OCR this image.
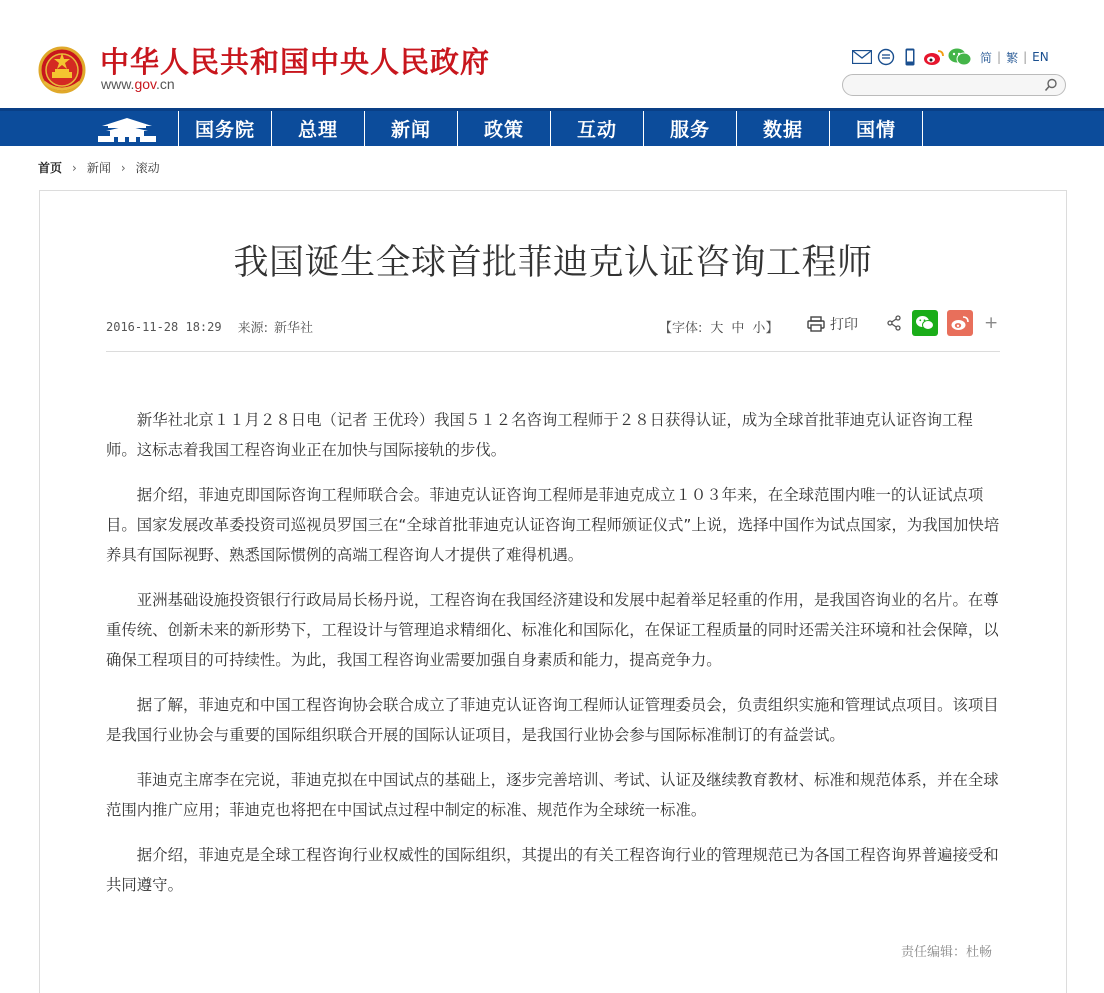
中华人民共和国中央人民政府
www.gov.cn
简 | 繁 | EN
国务院	总理	新闻	政策	互动	服务	数据	国情
首页 › 新闻 › 滚动
我国诞生全球首批菲迪克认证咨询工程师
2016-11-28 18:29 来源: 新华社	【字体: 大 中 小 】	打印	+

新华社北京１１月２８日电（记者 王优玲）我国５１２名咨询工程师于２８日获得认证，成为全球首批菲迪克认证咨询工程师。这标志着我国工程咨询业正在加快与国际接轨的步伐。

据介绍，菲迪克即国际咨询工程师联合会。菲迪克认证咨询工程师是菲迪克成立１０３年来，在全球范围内唯一的认证试点项目。国家发展改革委投资司巡视员罗国三在“全球首批菲迪克认证咨询工程师颁证仪式”上说，选择中国作为试点国家，为我国加快培养具有国际视野、熟悉国际惯例的高端工程咨询人才提供了难得机遇。

亚洲基础设施投资银行行政局局长杨丹说，工程咨询在我国经济建设和发展中起着举足轻重的作用，是我国咨询业的名片。在尊重传统、创新未来的新形势下，工程设计与管理追求精细化、标准化和国际化，在保证工程质量的同时还需关注环境和社会保障，以确保工程项目的可持续性。为此，我国工程咨询业需要加强自身素质和能力，提高竞争力。

据了解，菲迪克和中国工程咨询协会联合成立了菲迪克认证咨询工程师认证管理委员会，负责组织实施和管理试点项目。该项目是我国行业协会与重要的国际组织联合开展的国际认证项目，是我国行业协会参与国际标准制订的有益尝试。

菲迪克主席李在完说，菲迪克拟在中国试点的基础上，逐步完善培训、考试、认证及继续教育教材、标准和规范体系，并在全球范围内推广应用；菲迪克也将把在中国试点过程中制定的标准、规范作为全球统一标准。

据介绍，菲迪克是全球工程咨询行业权威性的国际组织，其提出的有关工程咨询行业的管理规范已为各国工程咨询界普遍接受和共同遵守。

责任编辑：杜畅
